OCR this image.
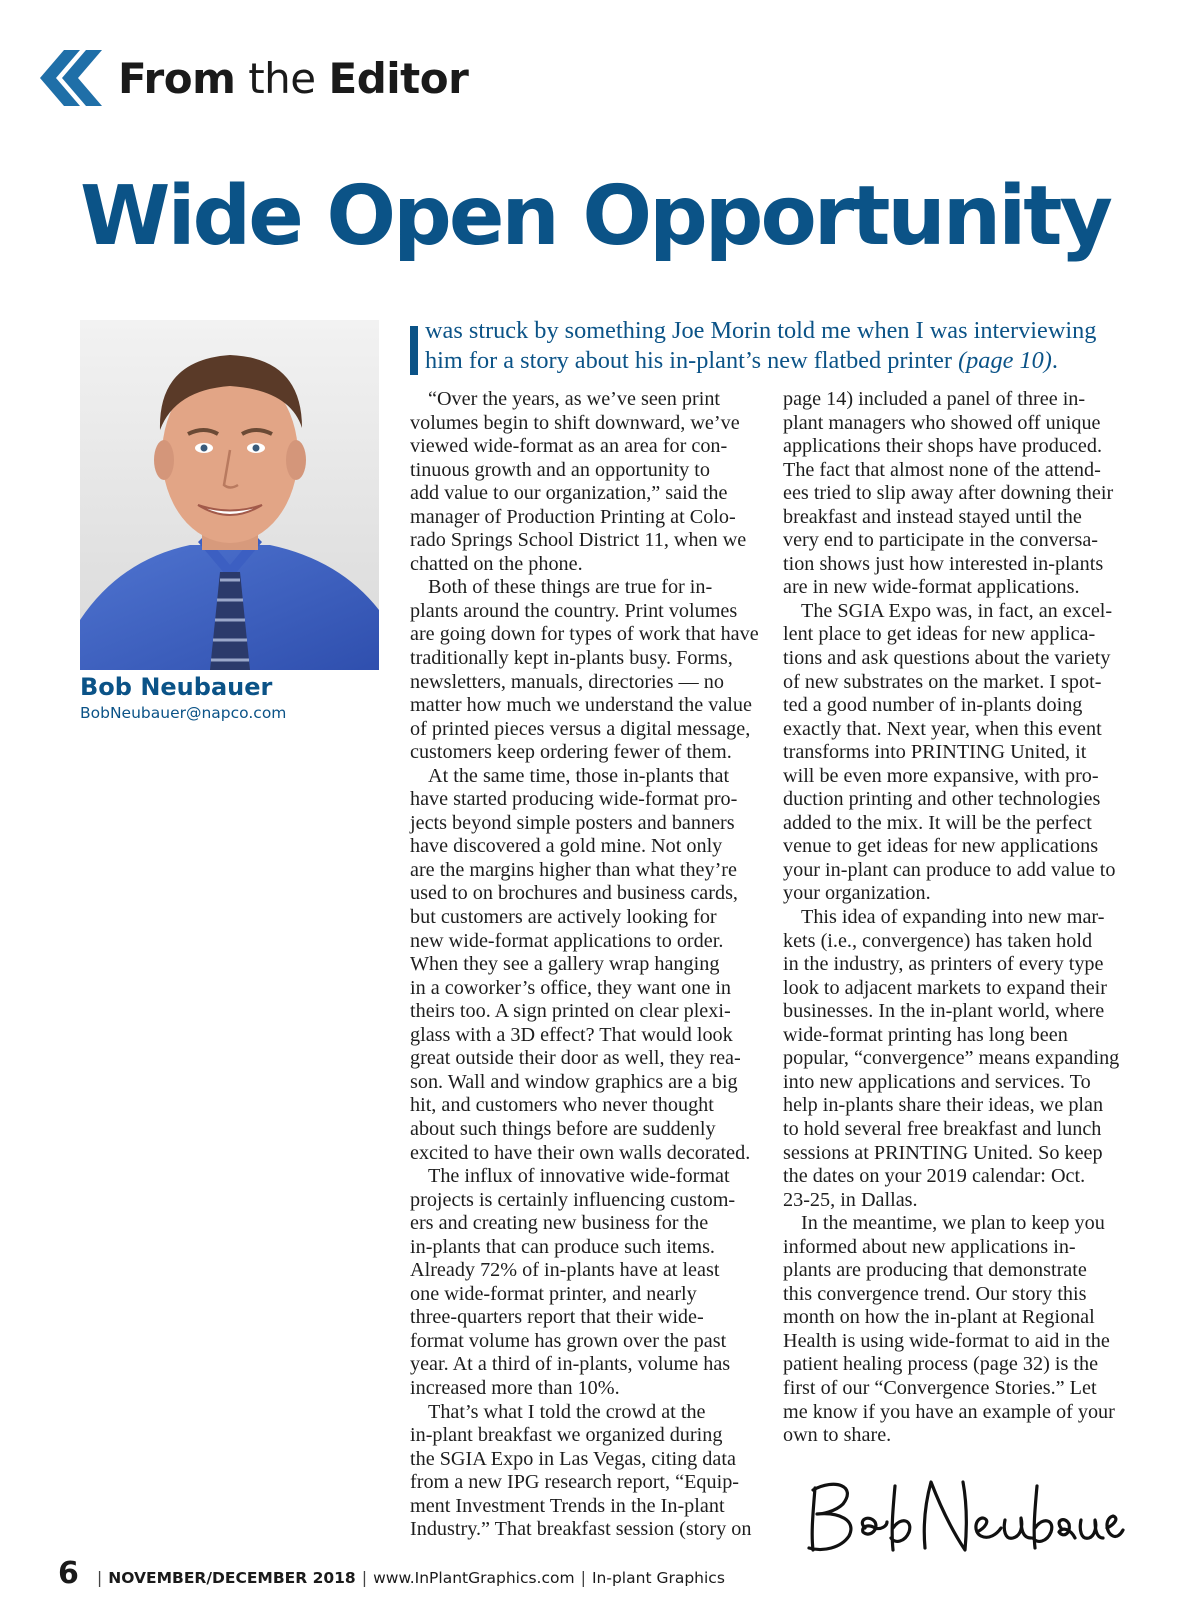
From the Editor
Wide Open Opportunity
Bob Neubauer
BobNeubauer@napco.com
was struck by something Joe Morin told me when I was interviewing
him for a story about his in-plant’s new flatbed printer (page 10).
“Over the years, as we’ve seen print
volumes begin to shift downward, we’ve
viewed wide-format as an area for con-
tinuous growth and an opportunity to
add value to our organization,” said the
manager of Production Printing at Colo-
rado Springs School District 11, when we
chatted on the phone.
Both of these things are true for in-
plants around the country. Print volumes
are going down for types of work that have
traditionally kept in-plants busy. Forms,
newsletters, manuals, directories — no
matter how much we understand the value
of printed pieces versus a digital message,
customers keep ordering fewer of them.
At the same time, those in-plants that
have started producing wide-format pro-
jects beyond simple posters and banners
have discovered a gold mine. Not only
are the margins higher than what they’re
used to on brochures and business cards,
but customers are actively looking for
new wide-format applications to order.
When they see a gallery wrap hanging
in a coworker’s office, they want one in
theirs too. A sign printed on clear plexi-
glass with a 3D effect? That would look
great outside their door as well, they rea-
son. Wall and window graphics are a big
hit, and customers who never thought
about such things before are suddenly
excited to have their own walls decorated.
The influx of innovative wide-format
projects is certainly influencing custom-
ers and creating new business for the
in-plants that can produce such items.
Already 72% of in-plants have at least
one wide-format printer, and nearly
three-quarters report that their wide-
format volume has grown over the past
year. At a third of in-plants, volume has
increased more than 10%.
That’s what I told the crowd at the
in-plant breakfast we organized during
the SGIA Expo in Las Vegas, citing data
from a new IPG research report, “Equip-
ment Investment Trends in the In-plant
Industry.” That breakfast session (story on
page 14) included a panel of three in-
plant managers who showed off unique
applications their shops have produced.
The fact that almost none of the attend-
ees tried to slip away after downing their
breakfast and instead stayed until the
very end to participate in the conversa-
tion shows just how interested in-plants
are in new wide-format applications.
The SGIA Expo was, in fact, an excel-
lent place to get ideas for new applica-
tions and ask questions about the variety
of new substrates on the market. I spot-
ted a good number of in-plants doing
exactly that. Next year, when this event
transforms into PRINTING United, it
will be even more expansive, with pro-
duction printing and other technologies
added to the mix. It will be the perfect
venue to get ideas for new applications
your in-plant can produce to add value to
your organization.
This idea of expanding into new mar-
kets (i.e., convergence) has taken hold
in the industry, as printers of every type
look to adjacent markets to expand their
businesses. In the in-plant world, where
wide-format printing has long been
popular, “convergence” means expanding
into new applications and services. To
help in-plants share their ideas, we plan
to hold several free breakfast and lunch
sessions at PRINTING United. So keep
the dates on your 2019 calendar: Oct.
23-25, in Dallas.
In the meantime, we plan to keep you
informed about new applications in-
plants are producing that demonstrate
this convergence trend. Our story this
month on how the in-plant at Regional
Health is using wide-format to aid in the
patient healing process (page 32) is the
first of our “Convergence Stories.” Let
me know if you have an example of your
own to share.
6 | NOVEMBER/DECEMBER 2018 | www.InPlantGraphics.com | In-plant Graphics
